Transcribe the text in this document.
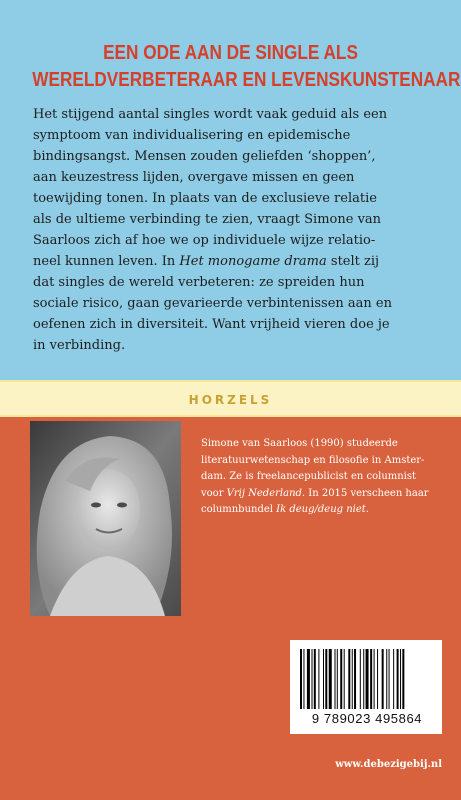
EEN ODE AAN DE SINGLE ALS
WERELDVERBETERAAR EN LEVENSKUNSTENAAR
Het stijgend aantal singles wordt vaak geduid als een
symptoom van individualisering en epidemische
bindingsangst. Mensen zouden geliefden ‘shoppen’,
aan keuzestress lijden, overgave missen en geen
toewijding tonen. In plaats van de exclusieve relatie
als de ultieme verbinding te zien, vraagt Simone van
Saarloos zich af hoe we op individuele wijze relatio-
neel kunnen leven. In Het monogame drama stelt zij
dat singles de wereld verbeteren: ze spreiden hun
sociale risico, gaan gevarieerde verbintenissen aan en
oefenen zich in diversiteit. Want vrijheid vieren doe je
in verbinding.
HORZELS
Simone van Saarloos (1990) studeerde
literatuurwetenschap en filosofie in Amster-
dam. Ze is freelancepublicist en columnist
voor Vrij Nederland. In 2015 verscheen haar
columnbundel Ik deug/deug niet.
9 789023 495864
www.debezigebij.nl
